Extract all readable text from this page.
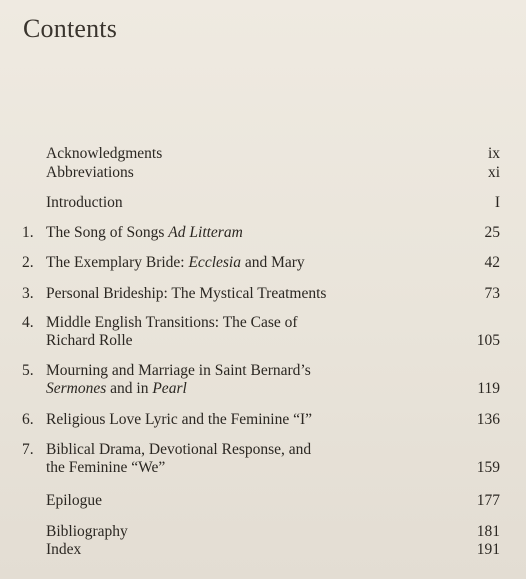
Contents
Acknowledgments	ix
Abbreviations	xi
Introduction	I
1. The Song of Songs Ad Litteram	25
2. The Exemplary Bride: Ecclesia and Mary	42
3. Personal Brideship: The Mystical Treatments	73
4. Middle English Transitions: The Case of
Richard Rolle	105
5. Mourning and Marriage in Saint Bernard’s
Sermones and in Pearl	119
6. Religious Love Lyric and the Feminine “I”	136
7. Biblical Drama, Devotional Response, and
the Feminine “We”	159
Epilogue	177
Bibliography	181
Index	191
